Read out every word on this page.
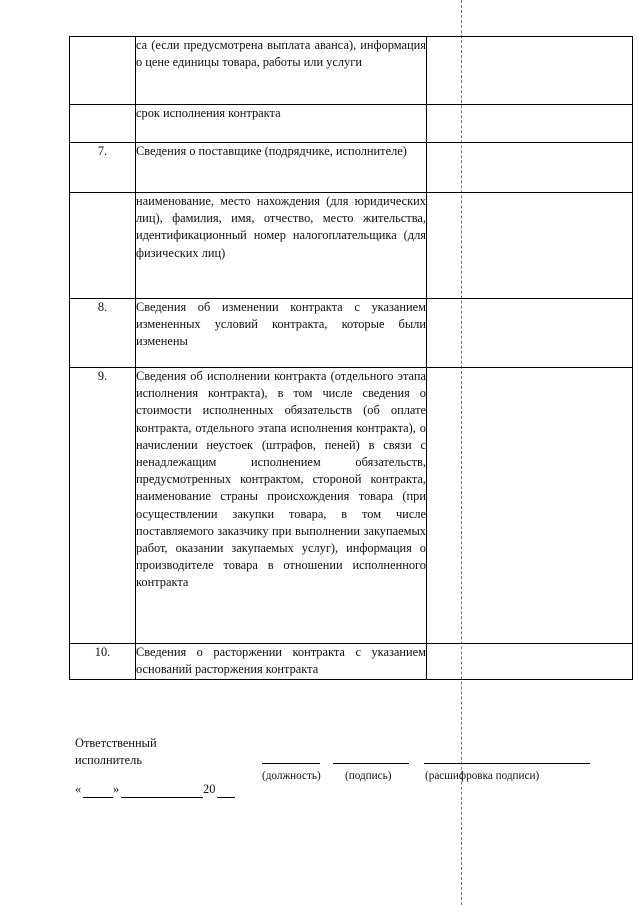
	са (если предусмотрена выплата аванса), информация о цене единицы товара, работы или услуги	
	срок исполнения контракта	
7.	Сведения о поставщике (подрядчике, исполнителе)	
	наименование, место нахождения (для юридических лиц), фамилия, имя, отчество, место жительства, идентификационный номер налогоплательщика (для физических лиц)	
8.	Сведения об изменении контракта с указанием измененных условий контракта, которые были изменены	
9.	Сведения об исполнении контракта (отдельного этапа исполнения контракта), в том числе сведения о стоимости исполненных обязательств (об оплате контракта, отдельного этапа исполнения контракта), о начислении неустоек (штрафов, пеней) в связи с ненадлежащим исполнением обязательств, предусмотренных контрактом, стороной контракта, наименование страны происхождения товара (при осуществлении закупки товара, в том числе поставляемого заказчику при выполнении закупаемых работ, оказании закупаемых услуг), информация о производителе товара в отношении исполненного контракта	
10.	Сведения о расторжении контракта с указанием оснований расторжения контракта	
Ответственный
исполнитель
(должность) (подпись)	(расшифровка подписи)
«	»	20
